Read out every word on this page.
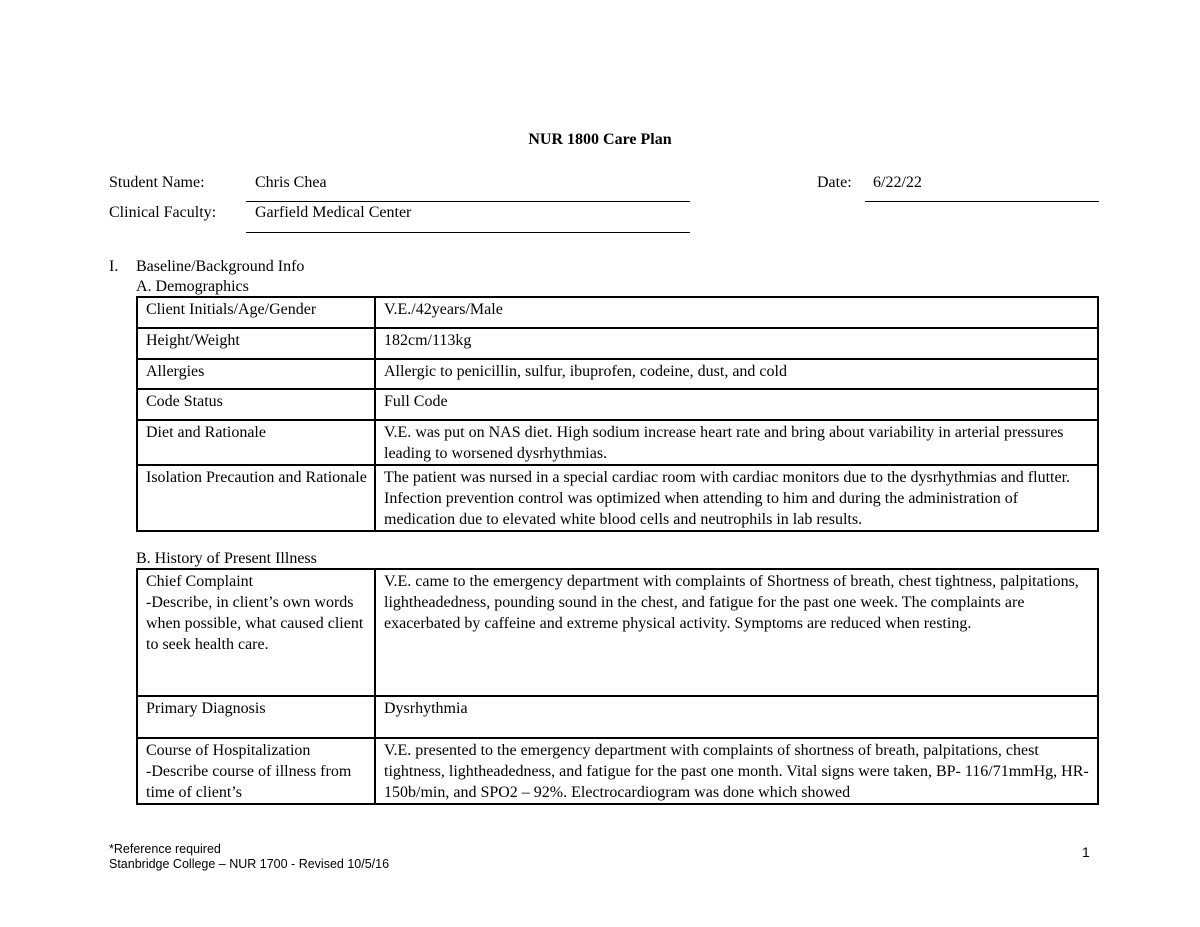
NUR 1800 Care Plan
Student Name:	Chris Chea	Date: 6/22/22
Clinical Faculty: Garfield Medical Center
I. Baseline/Background Info
A. Demographics
Client Initials/Age/Gender	V.E./42years/Male
Height/Weight	182cm/113kg
Allergies	Allergic to penicillin, sulfur, ibuprofen, codeine, dust, and cold
Code Status	Full Code
Diet and Rationale	V.E. was put on NAS diet. High sodium increase heart rate and bring about variability in arterial pressures leading to worsened dysrhythmias.
Isolation Precaution and Rationale	The patient was nursed in a special cardiac room with cardiac monitors due to the dysrhythmias and flutter. Infection prevention control was optimized when attending to him and during the administration of medication due to elevated white blood cells and neutrophils in lab results.
B. History of Present Illness
Chief Complaint
-Describe, in client’s own words when possible, what caused client to seek health care.	V.E. came to the emergency department with complaints of Shortness of breath, chest tightness, palpitations, lightheadedness, pounding sound in the chest, and fatigue for the past one week. The complaints are exacerbated by caffeine and extreme physical activity. Symptoms are reduced when resting.
Primary Diagnosis	Dysrhythmia
Course of Hospitalization
-Describe course of illness from time of client’s	V.E. presented to the emergency department with complaints of shortness of breath, palpitations, chest tightness, lightheadedness, and fatigue for the past one month. Vital signs were taken, BP- 116/71mmHg, HR-150b/min, and SPO2 – 92%. Electrocardiogram was done which showed
*Reference required
Stanbridge College – NUR 1700 - Revised 10/5/16
1
